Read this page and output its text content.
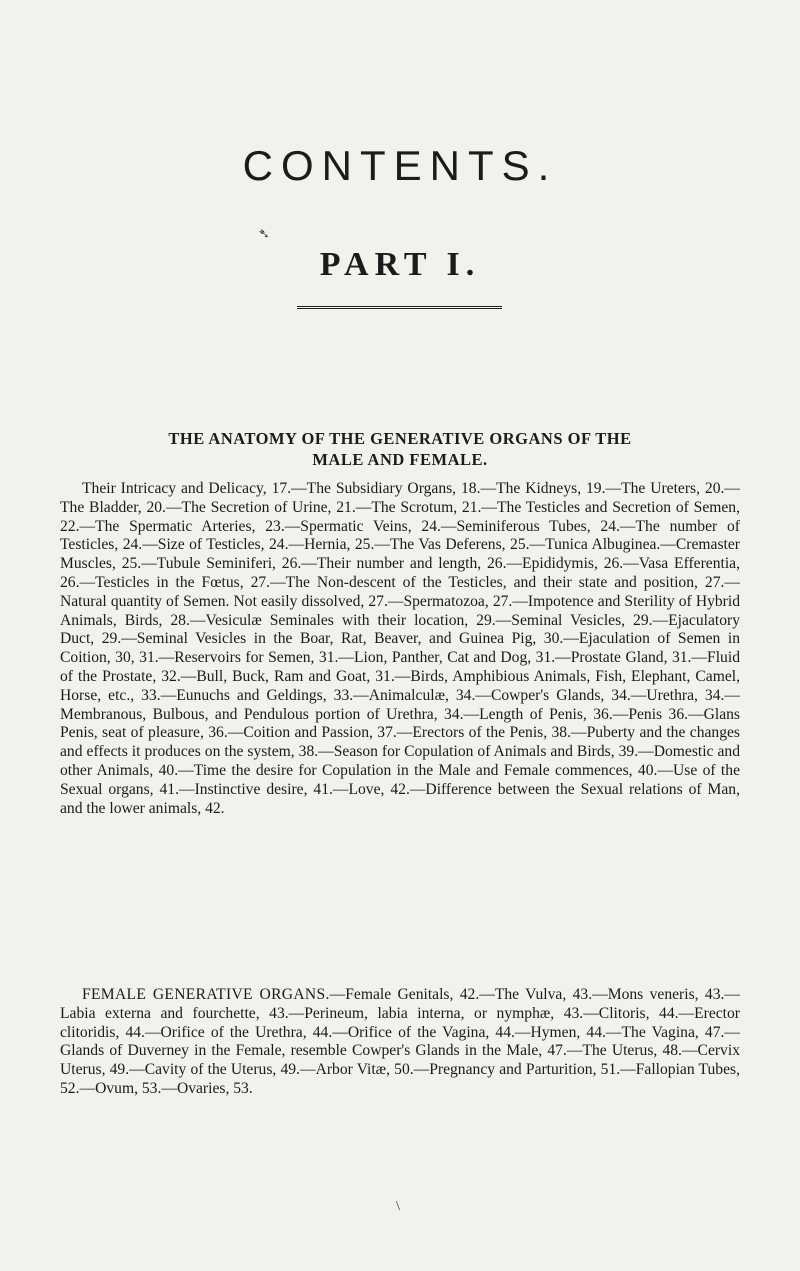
CONTENTS.
➴
PART I.
THE ANATOMY OF THE GENERATIVE ORGANS OF THE
MALE AND FEMALE.

Their Intricacy and Delicacy, 17.—The Subsidiary Organs, 18.—The Kidneys, 19.—The Ureters, 20.—The Bladder, 20.—The Secretion of Urine, 21.—The Scrotum, 21.—The Testicles and Secretion of Semen, 22.—The Spermatic Arteries, 23.—Spermatic Veins, 24.—Seminiferous Tubes, 24.—The number of Testicles, 24.—Size of Testicles, 24.—Hernia, 25.—The Vas Deferens, 25.—Tunica Albuginea.—Cremaster Muscles, 25.—Tubule Seminiferi, 26.—Their number and length, 26.—Epididymis, 26.—Vasa Efferentia, 26.—Testicles in the Fœtus, 27.—The Non-descent of the Testicles, and their state and position, 27.—Natural quantity of Semen. Not easily dissolved, 27.—Spermatozoa, 27.—Impotence and Sterility of Hybrid Animals, Birds, 28.—Vesiculæ Seminales with their location, 29.—Seminal Vesicles, 29.—Ejaculatory Duct, 29.—Seminal Vesicles in the Boar, Rat, Beaver, and Guinea Pig, 30.—Ejaculation of Semen in Coition, 30, 31.—Reservoirs for Semen, 31.—Lion, Panther, Cat and Dog, 31.—Prostate Gland, 31.—Fluid of the Prostate, 32.—Bull, Buck, Ram and Goat, 31.—Birds, Amphibious Animals, Fish, Elephant, Camel, Horse, etc., 33.—Eunuchs and Geldings, 33.—Animalculæ, 34.—Cowper's Glands, 34.—Urethra, 34.—Membranous, Bulbous, and Pendulous portion of Urethra, 34.—Length of Penis, 36.—Penis 36.—Glans Penis, seat of pleasure, 36.—Coition and Passion, 37.—Erectors of the Penis, 38.—Puberty and the changes and effects it produces on the system, 38.—Season for Copulation of Animals and Birds, 39.—Domestic and other Animals, 40.—Time the desire for Copulation in the Male and Female commences, 40.—Use of the Sexual organs, 41.—Instinctive desire, 41.—Love, 42.—Difference between the Sexual relations of Man, and the lower animals, 42.

FEMALE GENERATIVE ORGANS.—Female Genitals, 42.—The Vulva, 43.—Mons veneris, 43.—Labia externa and fourchette, 43.—Perineum, labia interna, or nymphæ, 43.—Clitoris, 44.—Erector clitoridis, 44.—Orifice of the Urethra, 44.—Orifice of the Vagina, 44.—Hymen, 44.—The Vagina, 47.—Glands of Duverney in the Female, resemble Cowper's Glands in the Male, 47.—The Uterus, 48.—Cervix Uterus, 49.—Cavity of the Uterus, 49.—Arbor Vitæ, 50.—Pregnancy and Parturition, 51.—Fallopian Tubes, 52.—Ovum, 53.—Ovaries, 53.

\
